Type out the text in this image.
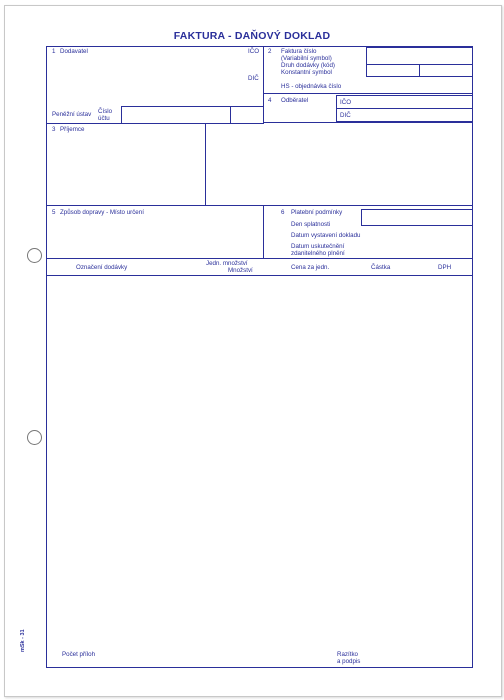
FAKTURA - DAŇOVÝ DOKLAD
1 Dodavatel	IČO
DIČ
Peněžní ústav Číslo
účtu
2 Faktura číslo
(Variabilní symbol)
Druh dodávky (kód)
Konstantní symbol
HS - objednávka číslo
4 Odběratel	IČO
DIČ
3 Příjemce
5 Způsob dopravy - Místo určení	6 Platební podmínky
Den splatnosti
Datum vystavení dokladu
Datum uskutečnění
zdanitelného plnění
Označení dodávky
Jedn. množství
Množství	Cena za jedn.	Částka	DPH
Počet příloh	Razítko
a podpis
mSk - 31
